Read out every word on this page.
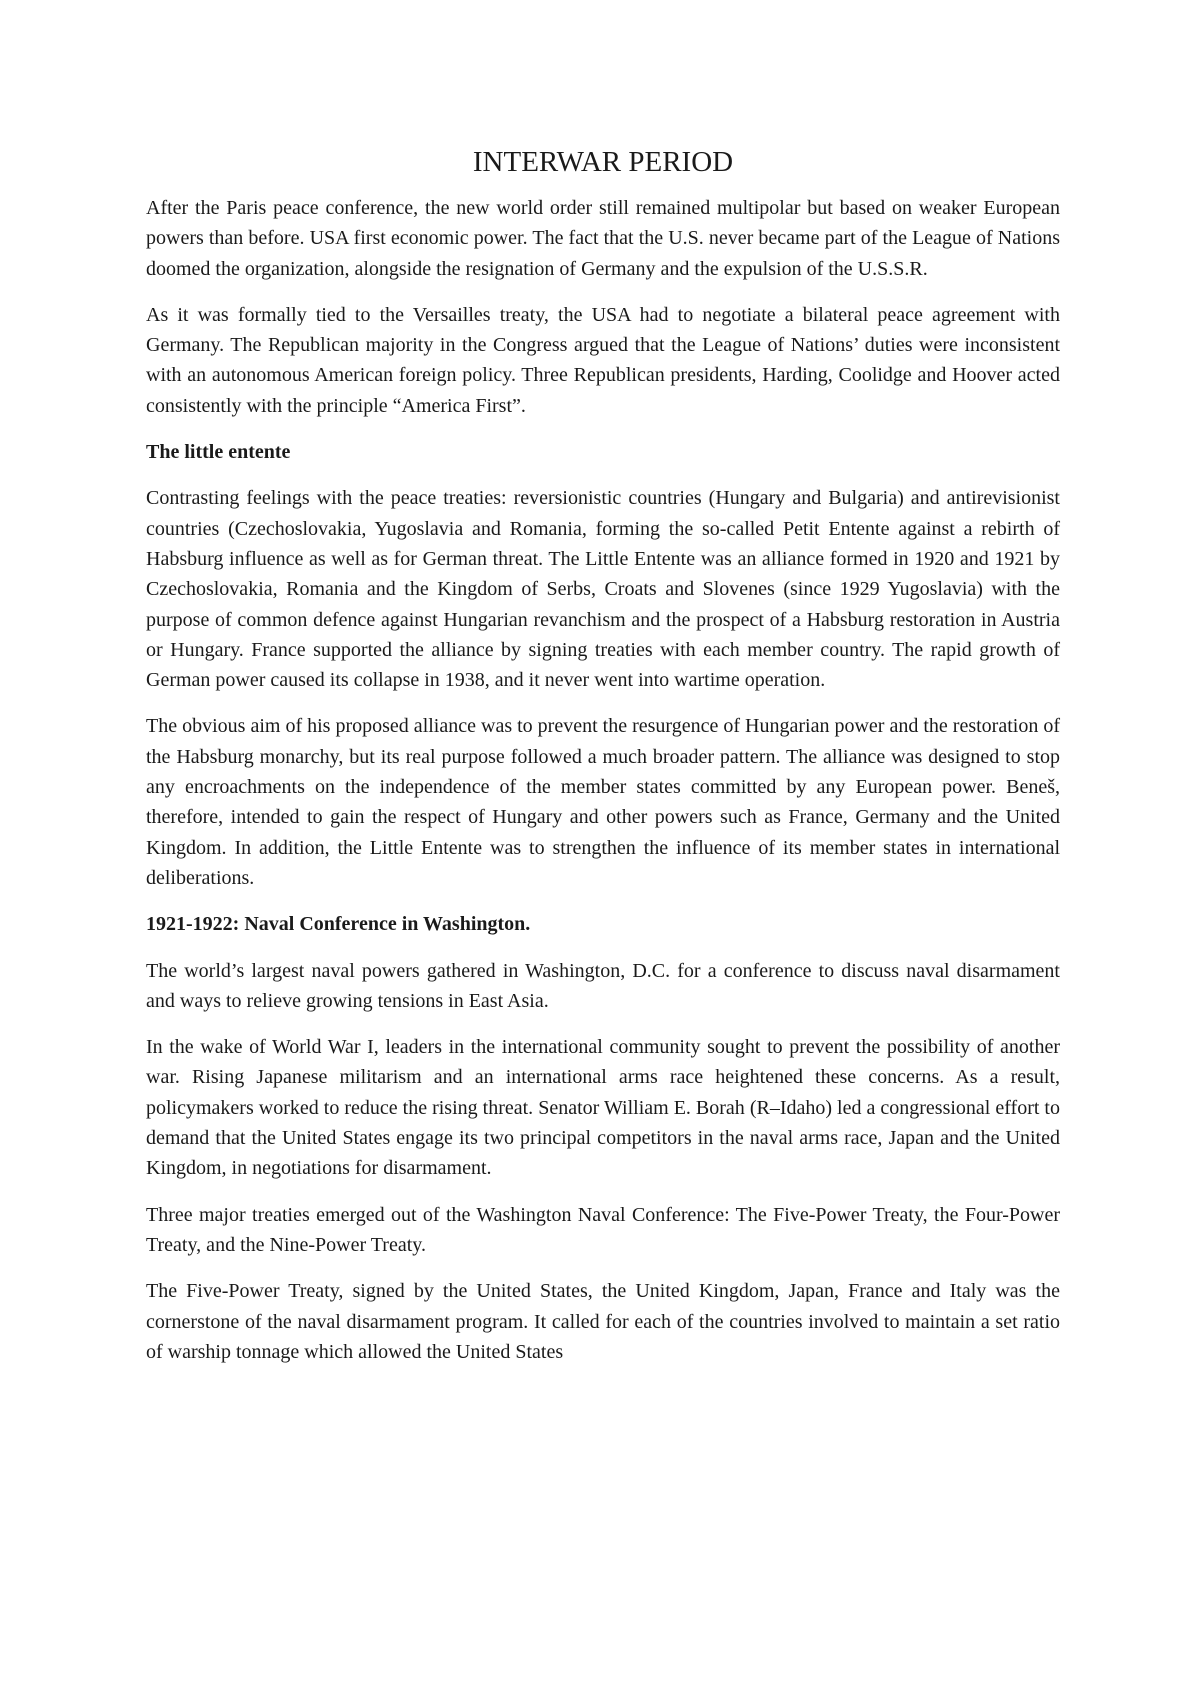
INTERWAR PERIOD

After the Paris peace conference, the new world order still remained multipolar but based on weaker European powers than before. USA first economic power. The fact that the U.S. never became part of the League of Nations doomed the organization, alongside the resignation of Germany and the expulsion of the U.S.S.R.

As it was formally tied to the Versailles treaty, the USA had to negotiate a bilateral peace agreement with Germany. The Republican majority in the Congress argued that the League of Nations’ duties were inconsistent with an autonomous American foreign policy. Three Republican presidents, Harding, Coolidge and Hoover acted consistently with the principle “America First”.

The little entente

Contrasting feelings with the peace treaties: reversionistic countries (Hungary and Bulgaria) and antirevisionist countries (Czechoslovakia, Yugoslavia and Romania, forming the so-called Petit Entente against a rebirth of Habsburg influence as well as for German threat. The Little Entente was an alliance formed in 1920 and 1921 by Czechoslovakia, Romania and the Kingdom of Serbs, Croats and Slovenes (since 1929 Yugoslavia) with the purpose of common defence against Hungarian revanchism and the prospect of a Habsburg restoration in Austria or Hungary. France supported the alliance by signing treaties with each member country. The rapid growth of German power caused its collapse in 1938, and it never went into wartime operation.

The obvious aim of his proposed alliance was to prevent the resurgence of Hungarian power and the restoration of the Habsburg monarchy, but its real purpose followed a much broader pattern. The alliance was designed to stop any encroachments on the independence of the member states committed by any European power. Beneš, therefore, intended to gain the respect of Hungary and other powers such as France, Germany and the United Kingdom. In addition, the Little Entente was to strengthen the influence of its member states in international deliberations.

1921-1922: Naval Conference in Washington.

The world’s largest naval powers gathered in Washington, D.C. for a conference to discuss naval disarmament and ways to relieve growing tensions in East Asia.

In the wake of World War I, leaders in the international community sought to prevent the possibility of another war. Rising Japanese militarism and an international arms race heightened these concerns. As a result, policymakers worked to reduce the rising threat. Senator William E. Borah (R–Idaho) led a congressional effort to demand that the United States engage its two principal competitors in the naval arms race, Japan and the United Kingdom, in negotiations for disarmament.

Three major treaties emerged out of the Washington Naval Conference: The Five-Power Treaty, the Four-Power Treaty, and the Nine-Power Treaty.

The Five-Power Treaty, signed by the United States, the United Kingdom, Japan, France and Italy was the cornerstone of the naval disarmament program. It called for each of the countries involved to maintain a set ratio of warship tonnage which allowed the United States
